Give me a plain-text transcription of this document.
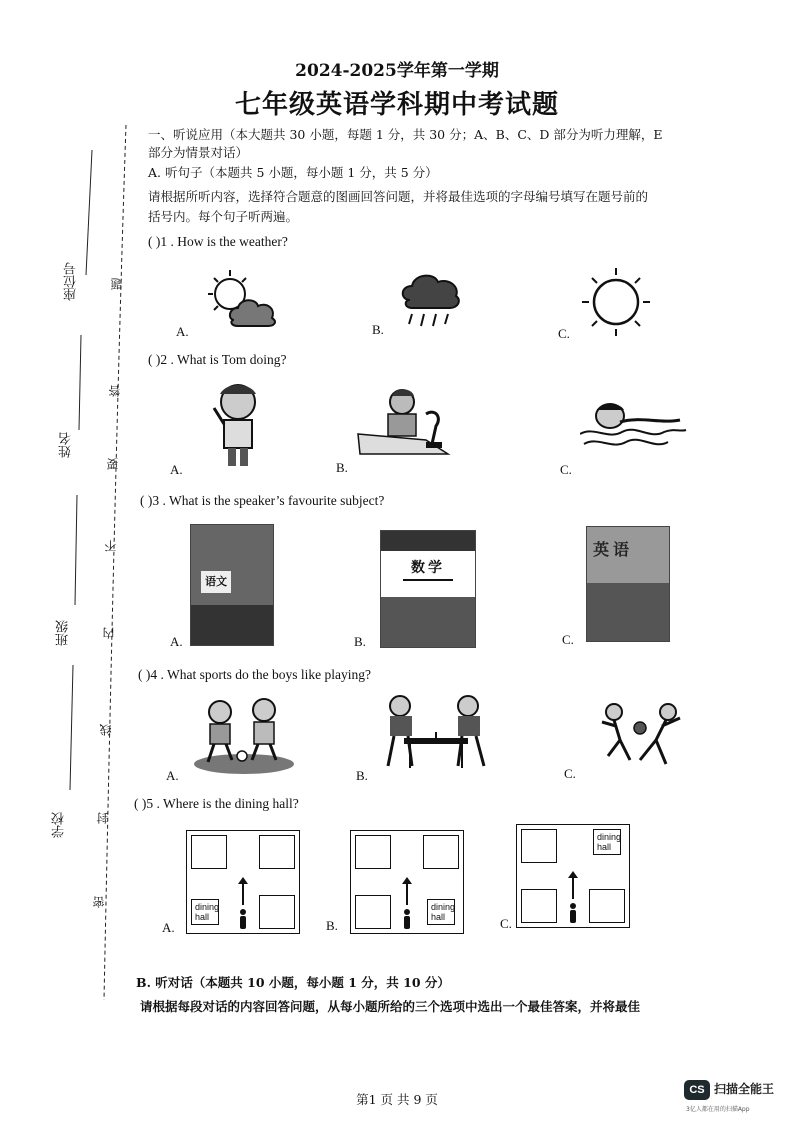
2024-2025学年第一学期
七年级英语学科期中考试题
座位号
姓名
班级
学校
题
答
要
不
内
线
封
密
一、听说应用（本大题共 30 小题，每题 1 分，共 30 分；A、B、C、D 部分为听力理解，E
部分为情景对话）
A. 听句子（本题共 5 小题，每小题 1 分，共 5 分）
请根据所听内容，选择符合题意的图画回答问题，并将最佳选项的字母编号填写在题号前的
括号内。每个句子听两遍。
( )1 . How is the weather?
A.	B.	C.
( )2 . What is Tom doing?
A.	B.	C.
( )3 . What is the speaker’s favourite subject?
A.	B.	C.
语文
数学
英语
( )4 . What sports do the boys like playing?
A.	B.	C.
( )5 . Where is the dining hall?
A.	B.	C.
dining hall
dining hall
dining hall
B. 听对话（本题共 10 小题，每小题 1 分，共 10 分）
请根据每段对话的内容回答问题，从每小题所给的三个选项中选出一个最佳答案，并将最佳
第1 页 共 9 页
CS 扫描全能王
3亿人都在用的扫描App
